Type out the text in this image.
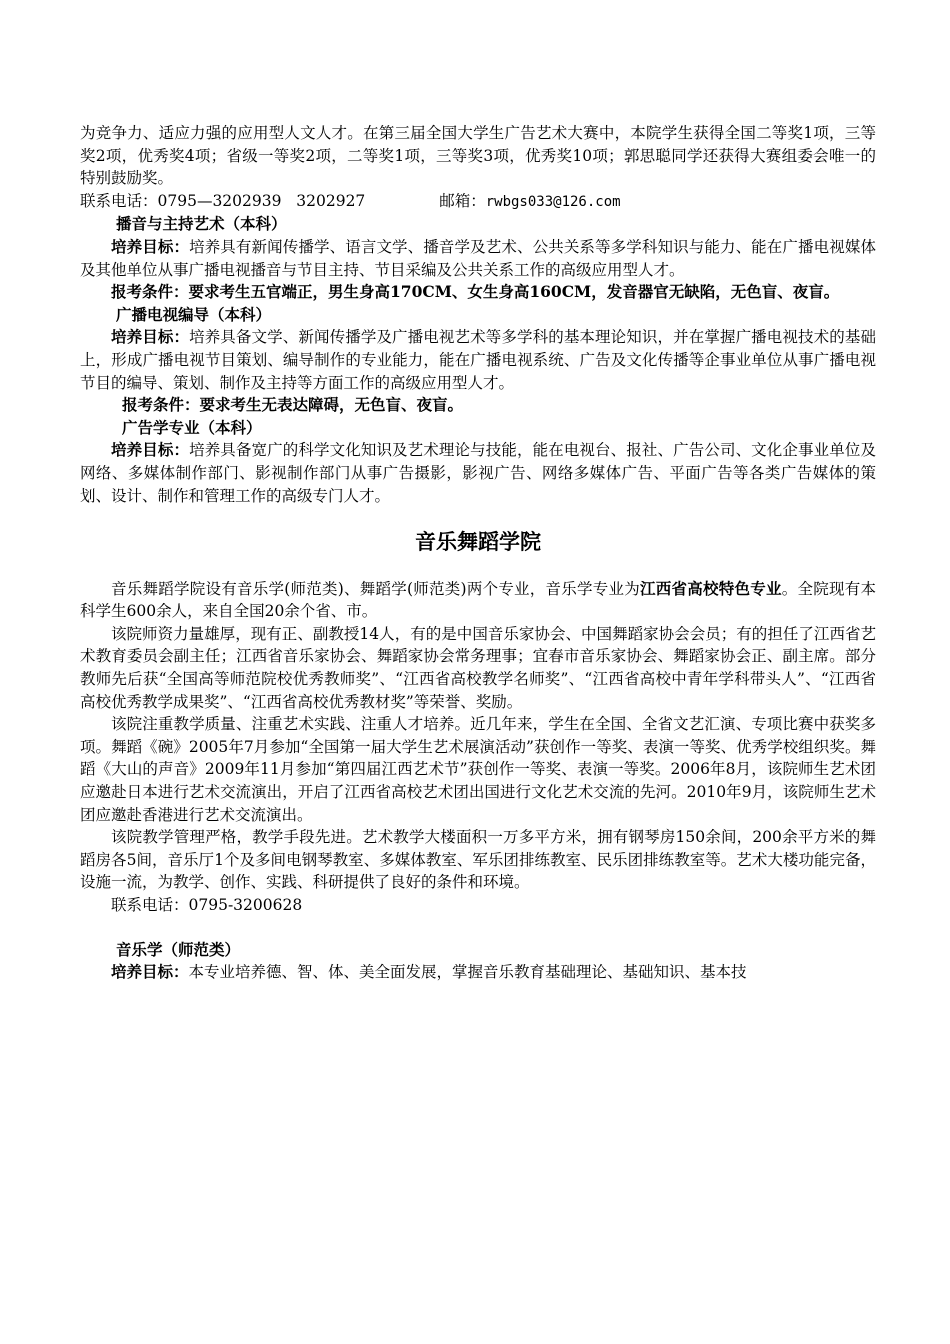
为竞争力、适应力强的应用型人文人才。在第三届全国大学生广告艺术大赛中，本院学生获得全国二等奖1项，三等奖2项，优秀奖4项；省级一等奖2项，二等奖1项，三等奖3项，优秀奖10项；郭思聪同学还获得大赛组委会唯一的特别鼓励奖。

联系电话：0795—3202939   3202927	邮箱：rwbgs033@126.com

播音与主持艺术（本科）

培养目标：培养具有新闻传播学、语言文学、播音学及艺术、公共关系等多学科知识与能力、能在广播电视媒体及其他单位从事广播电视播音与节目主持、节目采编及公共关系工作的高级应用型人才。

报考条件：要求考生五官端正，男生身高170CM、女生身高160CM，发音器官无缺陷，无色盲、夜盲。

广播电视编导（本科）

培养目标：培养具备文学、新闻传播学及广播电视艺术等多学科的基本理论知识，并在掌握广播电视技术的基础上，形成广播电视节目策划、编导制作的专业能力，能在广播电视系统、广告及文化传播等企事业单位从事广播电视节目的编导、策划、制作及主持等方面工作的高级应用型人才。

报考条件：要求考生无表达障碍，无色盲、夜盲。

广告学专业（本科）

培养目标：培养具备宽广的科学文化知识及艺术理论与技能，能在电视台、报社、广告公司、文化企事业单位及网络、多媒体制作部门、影视制作部门从事广告摄影，影视广告、网络多媒体广告、平面广告等各类广告媒体的策划、设计、制作和管理工作的高级专门人才。

音乐舞蹈学院

音乐舞蹈学院设有音乐学(师范类)、舞蹈学(师范类)两个专业，音乐学专业为江西省高校特色专业。全院现有本科学生600余人，来自全国20余个省、市。

该院师资力量雄厚，现有正、副教授14人，有的是中国音乐家协会、中国舞蹈家协会会员；有的担任了江西省艺术教育委员会副主任；江西省音乐家协会、舞蹈家协会常务理事；宜春市音乐家协会、舞蹈家协会正、副主席。部分教师先后获“全国高等师范院校优秀教师奖”、“江西省高校教学名师奖”、“江西省高校中青年学科带头人”、“江西省高校优秀教学成果奖”、“江西省高校优秀教材奖”等荣誉、奖励。

该院注重教学质量、注重艺术实践、注重人才培养。近几年来，学生在全国、全省文艺汇演、专项比赛中获奖多项。舞蹈《碗》2005年7月参加“全国第一届大学生艺术展演活动”获创作一等奖、表演一等奖、优秀学校组织奖。舞蹈《大山的声音》2009年11月参加“第四届江西艺术节”获创作一等奖、表演一等奖。2006年8月，该院师生艺术团应邀赴日本进行艺术交流演出，开启了江西省高校艺术团出国进行文化艺术交流的先河。2010年9月，该院师生艺术团应邀赴香港进行艺术交流演出。

该院教学管理严格，教学手段先进。艺术教学大楼面积一万多平方米，拥有钢琴房150余间，200余平方米的舞蹈房各5间，音乐厅1个及多间电钢琴教室、多媒体教室、军乐团排练教室、民乐团排练教室等。艺术大楼功能完备，设施一流，为教学、创作、实践、科研提供了良好的条件和环境。

联系电话：0795-3200628

音乐学（师范类）

培养目标：本专业培养德、智、体、美全面发展，掌握音乐教育基础理论、基础知识、基本技
